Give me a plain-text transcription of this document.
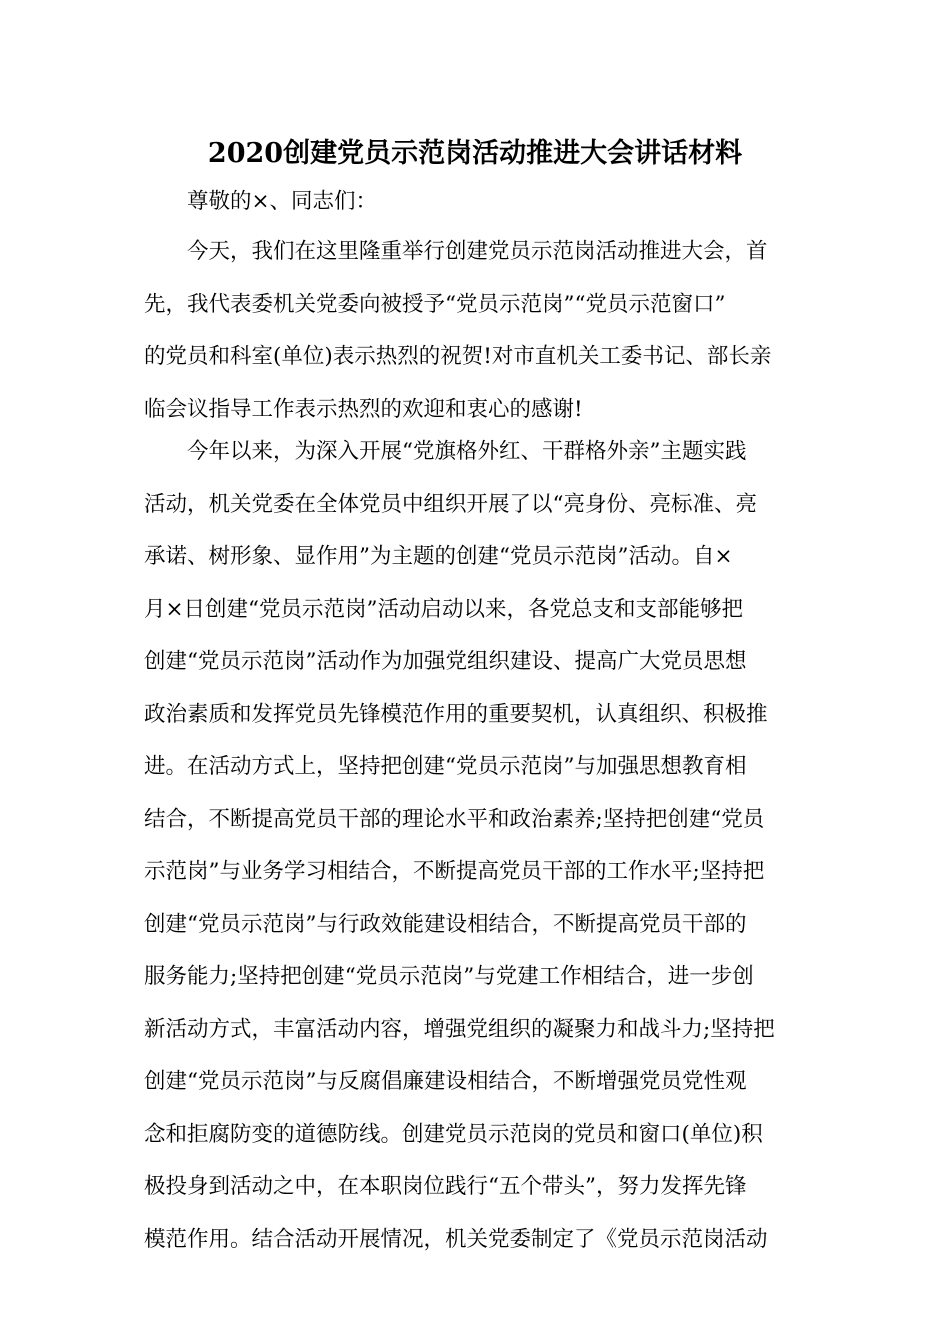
2020创建党员示范岗活动推进大会讲话材料

尊敬的×、同志们：

今天，我们在这里隆重举行创建党员示范岗活动推进大会，首
先，我代表委机关党委向被授予“党员示范岗”“党员示范窗口”
的党员和科室(单位)表示热烈的祝贺!对市直机关工委书记、部长亲
临会议指导工作表示热烈的欢迎和衷心的感谢!
今年以来，为深入开展“党旗格外红、干群格外亲”主题实践
活动，机关党委在全体党员中组织开展了以“亮身份、亮标准、亮
承诺、树形象、显作用”为主题的创建“党员示范岗”活动。自×
月×日创建“党员示范岗”活动启动以来，各党总支和支部能够把
创建“党员示范岗”活动作为加强党组织建设、提高广大党员思想
政治素质和发挥党员先锋模范作用的重要契机，认真组织、积极推
进。在活动方式上，坚持把创建“党员示范岗”与加强思想教育相
结合，不断提高党员干部的理论水平和政治素养;坚持把创建“党员
示范岗”与业务学习相结合，不断提高党员干部的工作水平;坚持把
创建“党员示范岗”与行政效能建设相结合，不断提高党员干部的
服务能力;坚持把创建“党员示范岗”与党建工作相结合，进一步创
新活动方式，丰富活动内容，增强党组织的凝聚力和战斗力;坚持把
创建“党员示范岗”与反腐倡廉建设相结合，不断增强党员党性观
念和拒腐防变的道德防线。创建党员示范岗的党员和窗口(单位)积
极投身到活动之中，在本职岗位践行“五个带头”，努力发挥先锋
模范作用。结合活动开展情况，机关党委制定了《党员示范岗活动
